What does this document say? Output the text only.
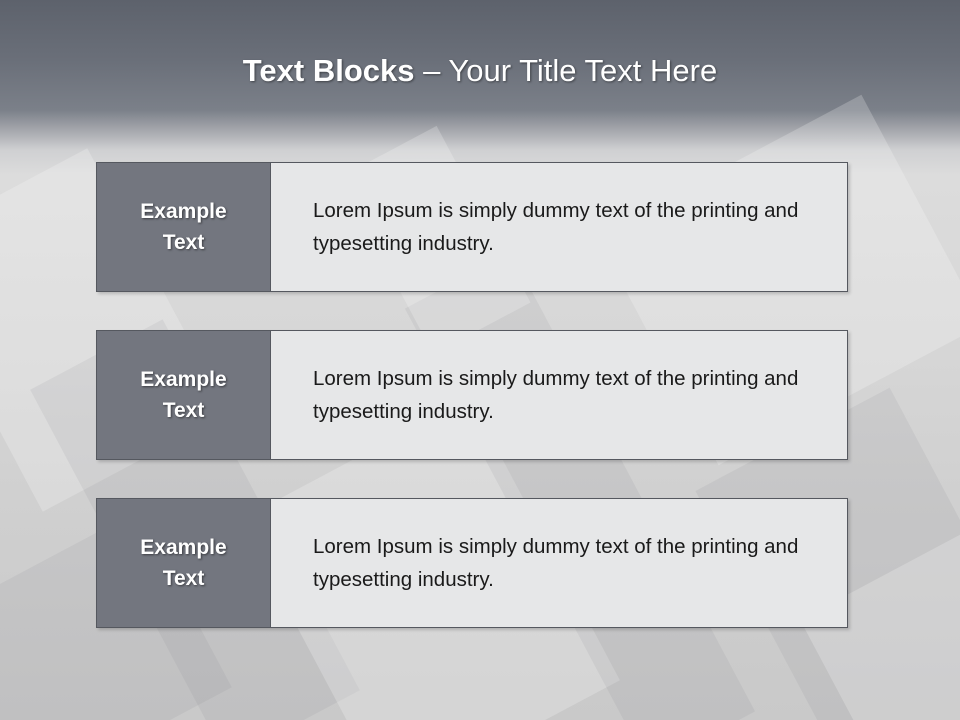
Text Blocks – Your Title Text Here
Example
Text

Lorem Ipsum is simply dummy text of the printing and typesetting industry.

Example
Text

Lorem Ipsum is simply dummy text of the printing and typesetting industry.

Example
Text

Lorem Ipsum is simply dummy text of the printing and typesetting industry.
